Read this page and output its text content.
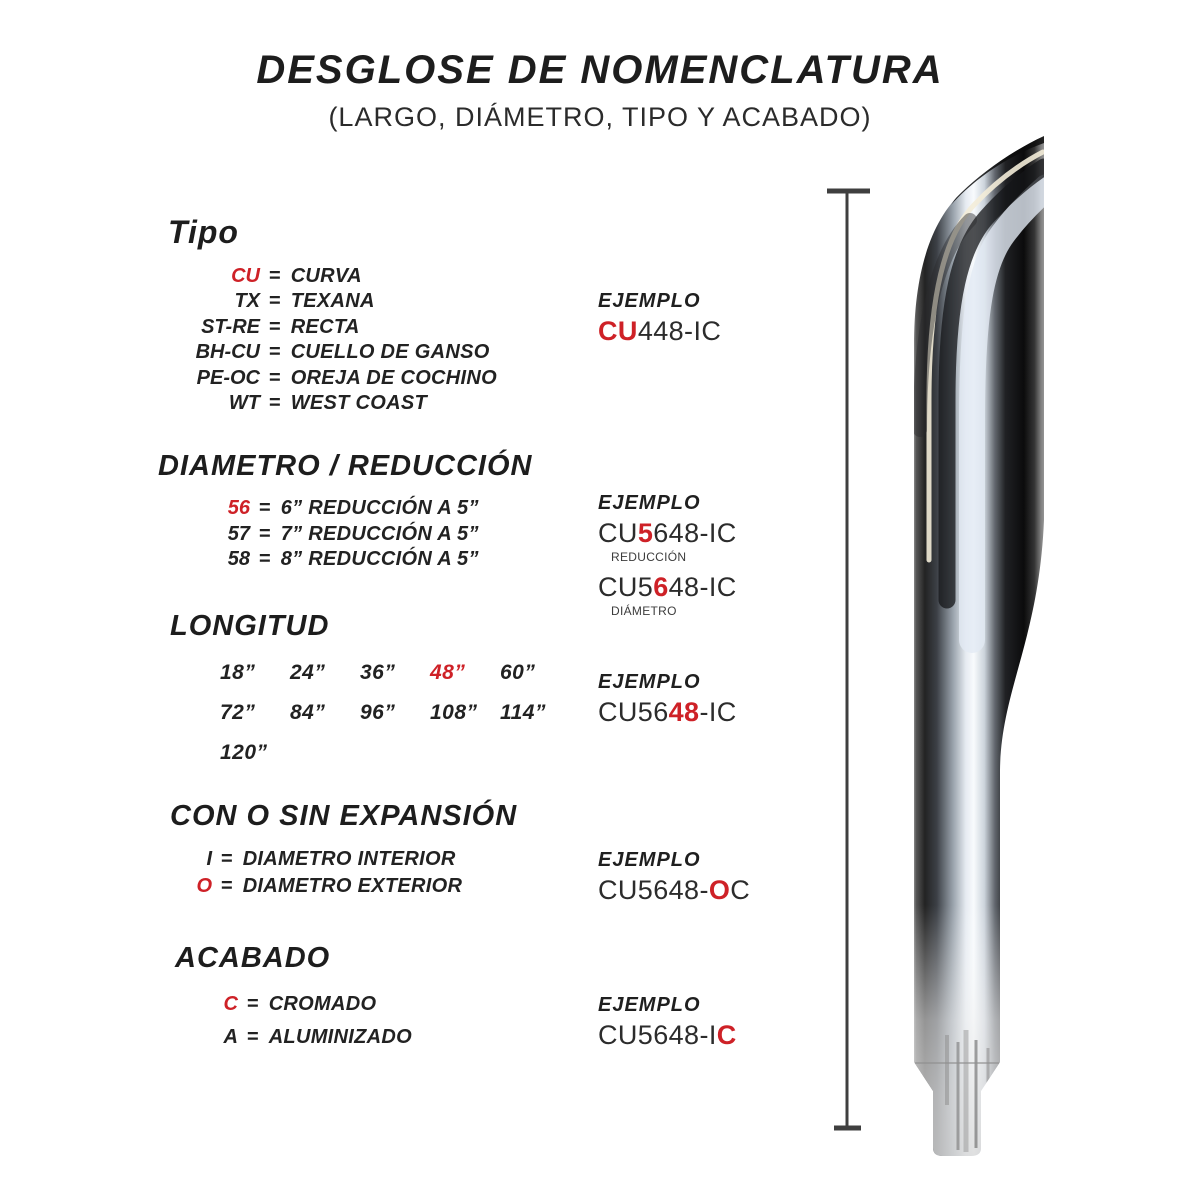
DESGLOSE DE NOMENCLATURA
(LARGO, DIÁMETRO, TIPO Y ACABADO)
Tipo
CU = CURVA
TX = TEXANA
ST-RE = RECTA
BH-CU = CUELLO DE GANSO
PE-OC = OREJA DE COCHINO
WT = WEST COAST
DIAMETRO / REDUCCIÓN
56 = 6” REDUCCIÓN A 5”
57 = 7” REDUCCIÓN A 5”
58 = 8” REDUCCIÓN A 5”
LONGITUD
18”	24”	36”	48”	60”
72”	84”	96”	108”	114”
120”
CON O SIN EXPANSIÓN
I = DIAMETRO INTERIOR
O = DIAMETRO EXTERIOR
ACABADO
C = CROMADO
A = ALUMINIZADO
EJEMPLO
CU448-IC
EJEMPLO
CU5648-IC
REDUCCIÓN
CU5648-IC
DIÁMETRO
EJEMPLO
CU5648-IC
EJEMPLO
CU5648-OC
EJEMPLO
CU5648-IC
